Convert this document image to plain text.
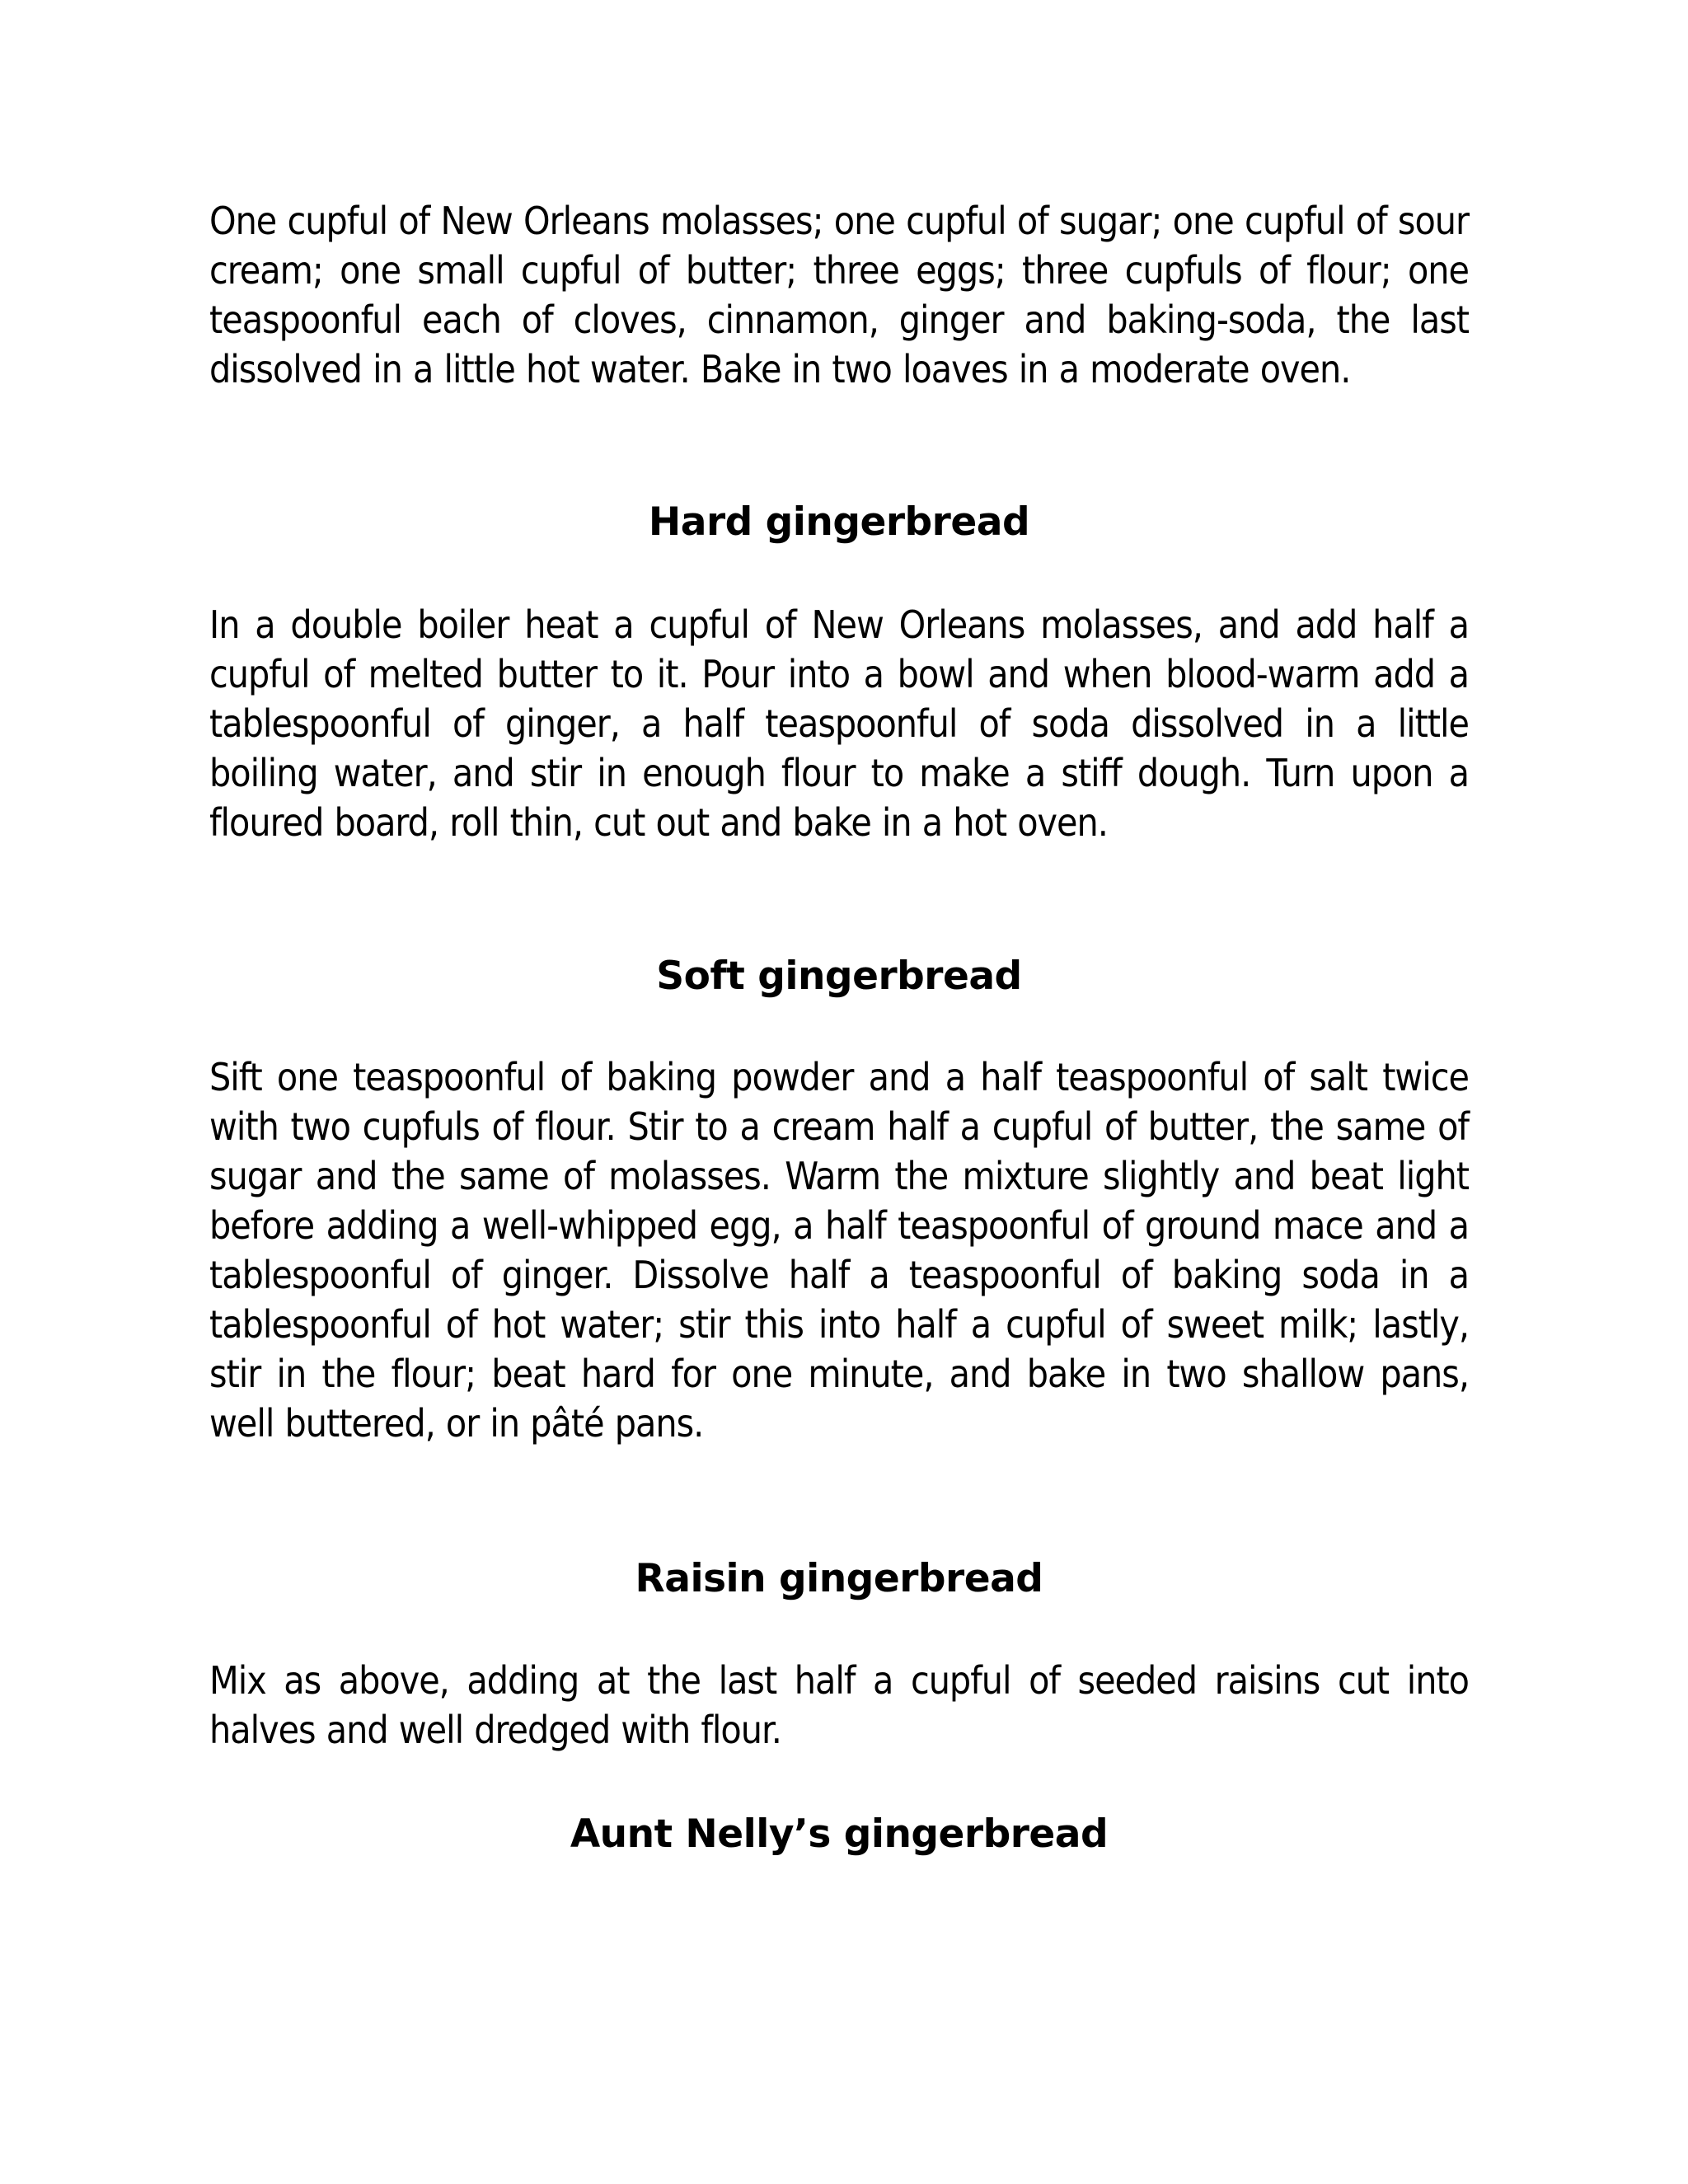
One cupful of New Orleans molasses; one cupful of sugar; one cupful of sour cream; one small cupful of butter; three eggs; three cupfuls of flour; one teaspoonful each of cloves, cinnamon, ginger and baking-soda, the last dissolved in a little hot water. Bake in two loaves in a moderate oven.

Hard gingerbread

In a double boiler heat a cupful of New Orleans molasses, and add half a cupful of melted butter to it. Pour into a bowl and when blood-warm add a tablespoonful of ginger, a half teaspoonful of soda dissolved in a little boiling water, and stir in enough flour to make a stiff dough. Turn upon a floured board, roll thin, cut out and bake in a hot oven.

Soft gingerbread

Sift one teaspoonful of baking powder and a half teaspoonful of salt twice with two cupfuls of flour. Stir to a cream half a cupful of butter, the same of sugar and the same of molasses. Warm the mixture slightly and beat light before adding a well-whipped egg, a half teaspoonful of ground mace and a tablespoonful of ginger. Dissolve half a teaspoonful of baking soda in a tablespoonful of hot water; stir this into half a cupful of sweet milk; lastly, stir in the flour; beat hard for one minute, and bake in two shallow pans, well buttered, or in pâté pans.

Raisin gingerbread

Mix as above, adding at the last half a cupful of seeded raisins cut into halves and well dredged with flour.

Aunt Nelly’s gingerbread
